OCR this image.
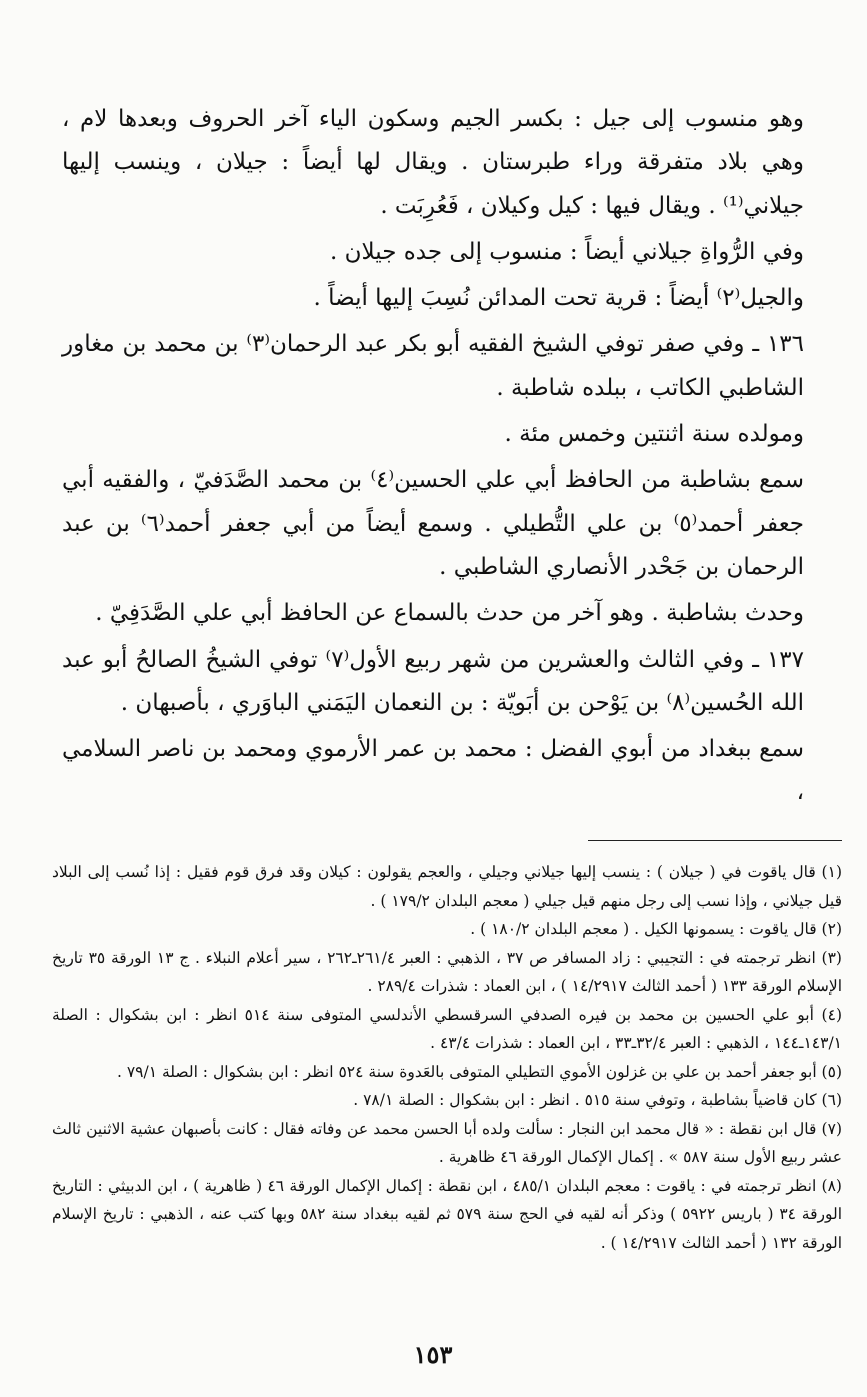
وهو منسوب إلى جيل : بكسر الجيم وسكون الياء آخر الحروف وبعدها لام ، وهي بلاد متفرقة وراء طبرستان . ويقال لها أيضاً : جيلان ، وينسب إليها جيلاني⁽¹⁾ . ويقال فيها : كيل وكيلان ، فَعُرِبَت .

وفي الرُّواةِ جيلاني أيضاً : منسوب إلى جده جيلان .

والجيل⁽٢⁾ أيضاً : قرية تحت المدائن نُسِبَ إليها أيضاً .

١٣٦ ـ وفي صفر توفي الشيخ الفقيه أبو بكر عبد الرحمان⁽٣⁾ بن محمد بن مغاور الشاطبي الكاتب ، ببلده شاطبة .

ومولده سنة اثنتين وخمس مئة .

سمع بشاطبة من الحافظ أبي علي الحسين⁽٤⁾ بن محمد الصَّدَفيّ ، والفقيه أبي جعفر أحمد⁽٥⁾ بن علي التُّطيلي . وسمع أيضاً من أبي جعفر أحمد⁽٦⁾ بن عبد الرحمان بن جَحْدر الأنصاري الشاطبي .

وحدث بشاطبة . وهو آخر من حدث بالسماع عن الحافظ أبي علي الصَّدَفِيّ .

١٣٧ ـ وفي الثالث والعشرين من شهر ربيع الأول⁽٧⁾ توفي الشيخُ الصالحُ أبو عبد الله الحُسين⁽٨⁾ بن يَوْحن بن أبَويّة : بن النعمان اليَمَني الباوَري ، بأصبهان .

سمع ببغداد من أبوي الفضل : محمد بن عمر الأرموي ومحمد بن ناصر السلامي ،

(١) قال ياقوت في ( جيلان ) : ينسب إليها جيلاني وجيلي ، والعجم يقولون : كيلان وقد فرق قوم فقيل : إذا نُسب إلى البلاد قيل جيلاني ، وإذا نسب إلى رجل منهم قيل جيلي ( معجم البلدان ١٧٩/٢ ) .

(٢) قال ياقوت : يسمونها الكيل . ( معجم البلدان ١٨٠/٢ ) .

(٣) انظر ترجمته في : التجيبي : زاد المسافر ص ٣٧ ، الذهبي : العبر ٢٦١/٤ـ٢٦٢ ، سير أعلام النبلاء . ج ١٣ الورقة ٣٥ تاريخ الإسلام الورقة ١٣٣ ( أحمد الثالث ١٤/٢٩١٧ ) ، ابن العماد : شذرات ٢٨٩/٤ .

(٤) أبو علي الحسين بن محمد بن فيره الصدفي السرقسطي الأندلسي المتوفى سنة ٥١٤ انظر : ابن بشكوال : الصلة ١٤٣/١ـ١٤٤ ، الذهبي : العبر ٣٢/٤ـ٣٣ ، ابن العماد : شذرات ٤٣/٤ .

(٥) أبو جعفر أحمد بن علي بن غزلون الأموي التطيلي المتوفى بالعَدوة سنة ٥٢٤ انظر : ابن بشكوال : الصلة ٧٩/١ .

(٦) كان قاضياً بشاطبة ، وتوفي سنة ٥١٥ . انظر : ابن بشكوال : الصلة ٧٨/١ .

(٧) قال ابن نقطة : « قال محمد ابن النجار : سألت ولده أبا الحسن محمد عن وفاته فقال : كانت بأصبهان عشية الاثنين ثالث عشر ربيع الأول سنة ٥٨٧ » . إكمال الإكمال الورقة ٤٦ ظاهرية .

(٨) انظر ترجمته في : ياقوت : معجم البلدان ٤٨٥/١ ، ابن نقطة : إكمال الإكمال الورقة ٤٦ ( ظاهرية ) ، ابن الدبيثي : التاريخ الورقة ٣٤ ( باريس ٥٩٢٢ ) وذكر أنه لقيه في الحج سنة ٥٧٩ ثم لقيه ببغداد سنة ٥٨٢ وبها كتب عنه ، الذهبي : تاريخ الإسلام الورقة ١٣٢ ( أحمد الثالث ١٤/٢٩١٧ ) .

١٥٣
